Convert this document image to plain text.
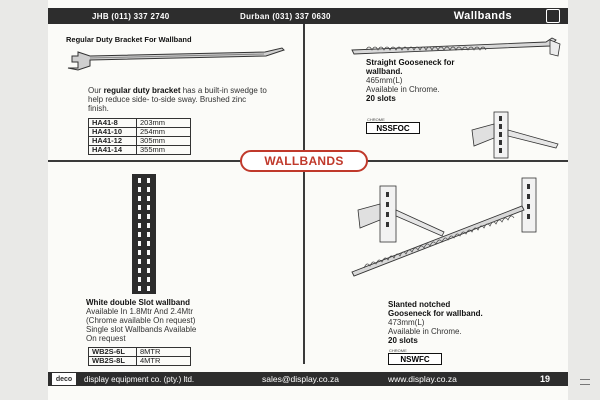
JHB (011) 337 2740	Durban (031) 337 0630	Wallbands
Regular Duty Bracket For Wallband
Our regular duty bracket has a built-in swedge to help reduce side- to-side sway. Brushed zinc finish.
HA41-8	203mm
HA41-10	254mm
HA41-12	305mm
HA41-14	355mm
Straight Gooseneck for wallband.
465mm(L)
Available in Chrome.
20 slots
CHROME
NSSFOC
WALLBANDS
White double Slot wallband
Available In 1.8Mtr And 2.4Mtr
(Chrome available On request)
Single slot Wallbands Available
On request
WB2S-6L	8MTR
WB2S-8L	4MTR
Slanted notched
Gooseneck for wallband.
473mm(L)
Available in Chrome.
20 slots
CHROME
NSWFC
deco	display equipment co. (pty.) ltd.	sales@display.co.za	www.display.co.za	19
